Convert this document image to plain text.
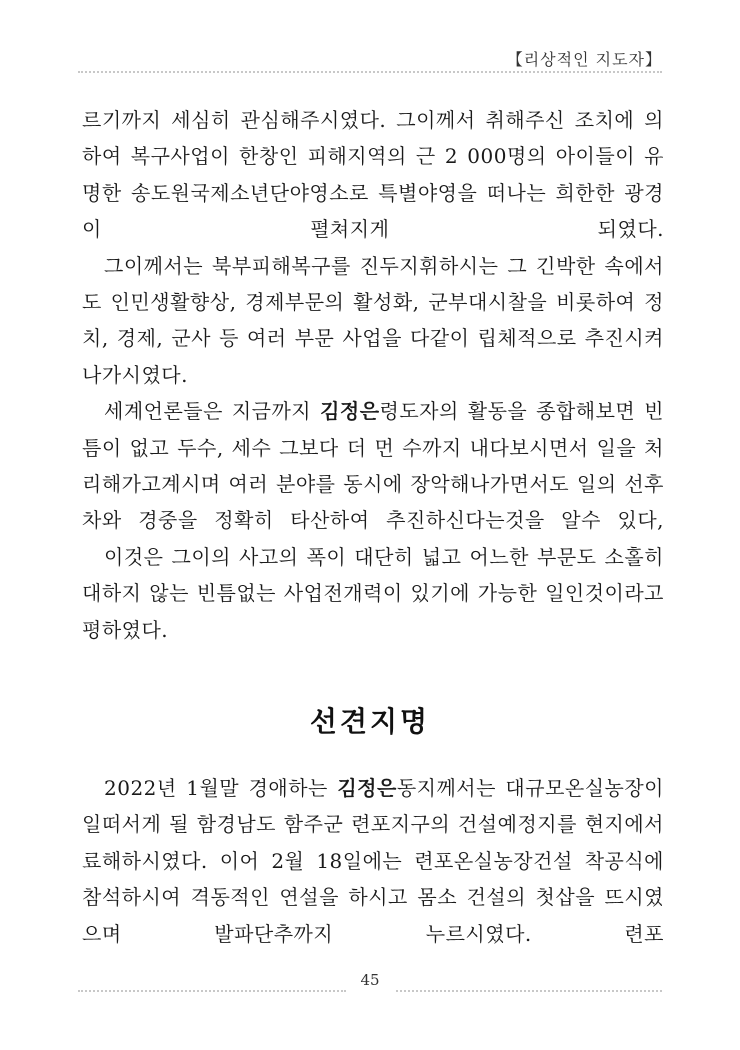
【리상적인 지도자】

르기까지 세심히 관심해주시였다. 그이께서 취해주신 조치에 의하여 복구사업이 한창인 피해지역의 근 2 000명의 아이들이 유명한 송도원국제소년단야영소로 특별야영을 떠나는 희한한 광경이 펼쳐지게 되였다.

그이께서는 북부피해복구를 진두지휘하시는 그 긴박한 속에서도 인민생활향상, 경제부문의 활성화, 군부대시찰을 비롯하여 정치, 경제, 군사 등 여러 부문 사업을 다같이 립체적으로 추진시켜나가시였다.

세계언론들은 지금까지 김정은령도자의 활동을 종합해보면 빈틈이 없고 두수, 세수 그보다 더 먼 수까지 내다보시면서 일을 처리해가고계시며 여러 분야를 동시에 장악해나가면서도 일의 선후차와 경중을 정확히 타산하여 추진하신다는것을 알수 있다,

이것은 그이의 사고의 폭이 대단히 넓고 어느한 부문도 소홀히 대하지 않는 빈틈없는 사업전개력이 있기에 가능한 일인것이라고 평하였다.

선견지명

2022년 1월말 경애하는 김정은동지께서는 대규모온실농장이 일떠서게 될 함경남도 함주군 련포지구의 건설예정지를 현지에서 료해하시였다. 이어 2월 18일에는 련포온실농장건설 착공식에 참석하시여 격동적인 연설을 하시고 몸소 건설의 첫삽을 뜨시였으며 발파단추까지 누르시였다. 련포

45
